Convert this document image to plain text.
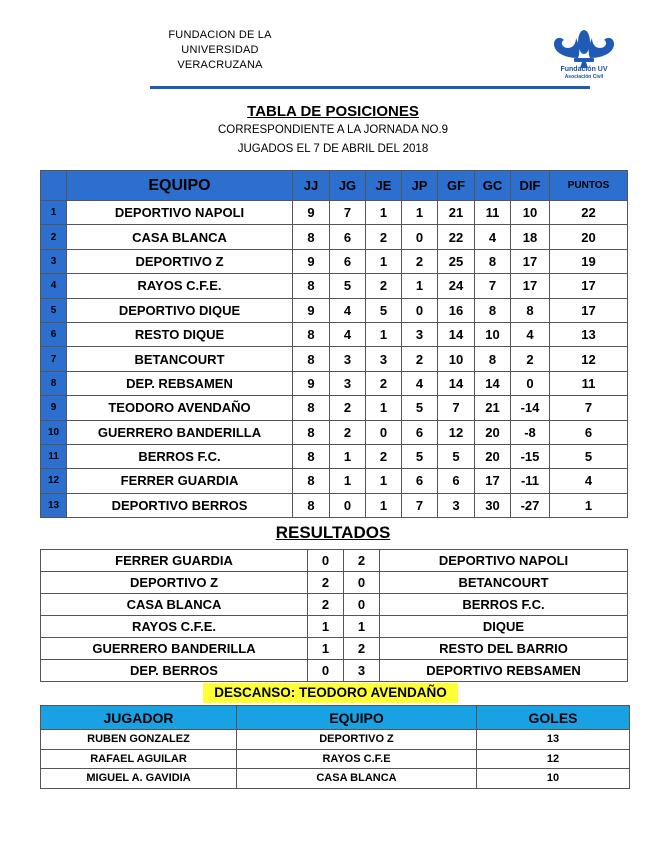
FUNDACION DE LA
UNIVERSIDAD
VERACRUZANA	Fundación UV
Asociación Civil
TABLA DE POSICIONES
CORRESPONDIENTE A LA JORNADA NO.9
JUGADOS EL 7 DE ABRIL DEL 2018
	EQUIPO	JJ	JG	JE	JP	GF	GC	DIF	PUNTOS
1	DEPORTIVO NAPOLI	9	7	1	1	21	11	10	22
2	CASA BLANCA	8	6	2	0	22	4	18	20
3	DEPORTIVO Z	9	6	1	2	25	8	17	19
4	RAYOS C.F.E.	8	5	2	1	24	7	17	17
5	DEPORTIVO DIQUE	9	4	5	0	16	8	8	17
6	RESTO DIQUE	8	4	1	3	14	10	4	13
7	BETANCOURT	8	3	3	2	10	8	2	12
8	DEP. REBSAMEN	9	3	2	4	14	14	0	11
9	TEODORO AVENDAÑO	8	2	1	5	7	21	-14	7
10	GUERRERO BANDERILLA	8	2	0	6	12	20	-8	6
11	BERROS F.C.	8	1	2	5	5	20	-15	5
12	FERRER GUARDIA	8	1	1	6	6	17	-11	4
13	DEPORTIVO BERROS	8	0	1	7	3	30	-27	1
RESULTADOS
FERRER GUARDIA	0	2	DEPORTIVO NAPOLI
DEPORTIVO Z	2	0	BETANCOURT
CASA BLANCA	2	0	BERROS F.C.
RAYOS C.F.E.	1	1	DIQUE
GUERRERO BANDERILLA	1	2	RESTO DEL BARRIO
DEP. BERROS	0	3	DEPORTIVO REBSAMEN
DESCANSO: TEODORO AVENDAÑO
JUGADOR	EQUIPO	GOLES
RUBEN GONZALEZ	DEPORTIVO Z	13
RAFAEL AGUILAR	RAYOS C.F.E	12
MIGUEL A. GAVIDIA	CASA BLANCA	10
